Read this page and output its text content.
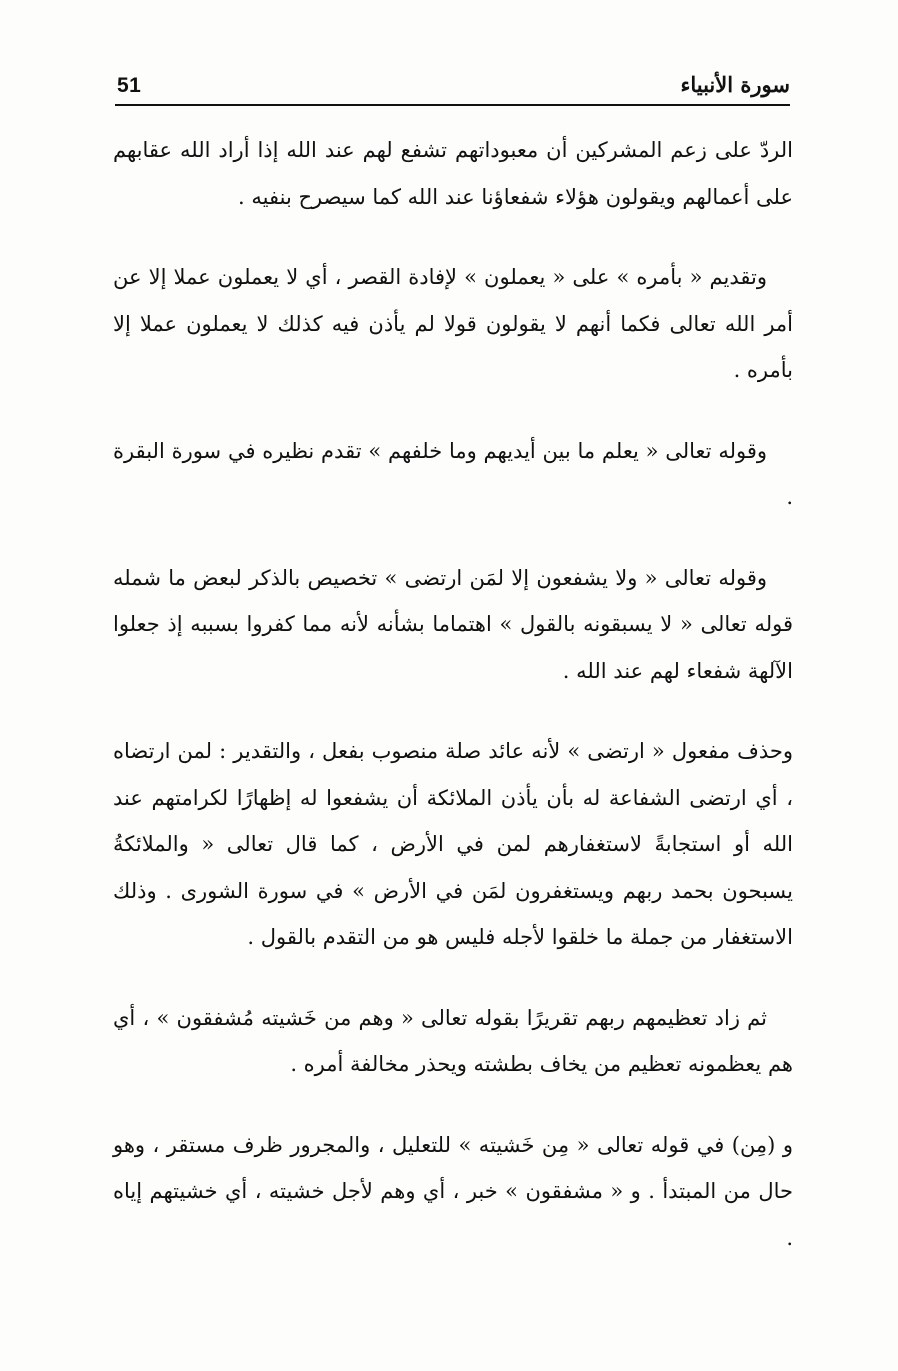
51	سورة الأنبياء

الردّ على زعم المشركين أن معبوداتهم تشفع لهم عند الله إذا أراد الله عقابهم على أعمالهم ويقولون هؤلاء شفعاؤنا عند الله كما سيصرح بنفيه .

وتقديم « بأمره » على « يعملون » لإفادة القصر ، أي لا يعملون عملا إلا عن أمر الله تعالى فكما أنهم لا يقولون قولا لم يأذن فيه كذلك لا يعملون عملا إلا بأمره .

وقوله تعالى « يعلم ما بين أيديهم وما خلفهم » تقدم نظيره في سورة البقرة .

وقوله تعالى « ولا يشفعون إلا لمَن ارتضى » تخصيص بالذكر لبعض ما شمله قوله تعالى « لا يسبقونه بالقول » اهتماما بشأنه لأنه مما كفروا بسببه إذ جعلوا الآلهة شفعاء لهم عند الله .

وحذف مفعول « ارتضى » لأنه عائد صلة منصوب بفعل ، والتقدير : لمن ارتضاه ، أي ارتضى الشفاعة له بأن يأذن الملائكة أن يشفعوا له إظهارًا لكرامتهم عند الله أو استجابةً لاستغفارهم لمن في الأرض ، كما قال تعالى « والملائكةُ يسبحون بحمد ربهم ويستغفرون لمَن في الأرض » في سورة الشورى . وذلك الاستغفار من جملة ما خلقوا لأجله فليس هو من التقدم بالقول .

ثم زاد تعظيمهم ربهم تقريرًا بقوله تعالى « وهم من خَشيته مُشفقون » ، أي هم يعظمونه تعظيم من يخاف بطشته ويحذر مخالفة أمره .

و (مِن) في قوله تعالى « مِن خَشيته » للتعليل ، والمجرور ظرف مستقر ، وهو حال من المبتدأ . و « مشفقون » خبر ، أي وهم لأجل خشيته ، أي خشيتهم إياه .
